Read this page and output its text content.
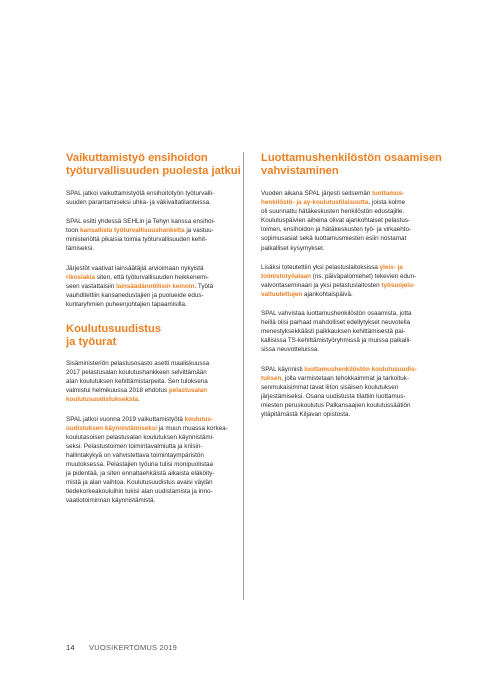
Vaikuttamistyö ensihoidon
työturvallisuuden puolesta jatkui

SPAL jatkoi vaikuttamistyötä ensihoitotyön työturvalli-
suuden parantamiseksi uhka- ja väkivaltatilanteissa.

SPAL esitti yhdessä SEHLin ja Tehyn kanssa ensihoi-
toon kansallista työturvallisuushanketta ja vastuu-
ministeriöltä pikaisia toimia työturvallisuuden kehit-
tämiseksi.

Järjestöt vaativat lainsäätäjiä arvioimaan nykyistä
rikoslakia siten, että työturvallisuuden heikkenemi-
seen vastattaisiin lainsäädännöllisin keinoin. Työtä
vauhditettiin kansanedustajien ja puolueide edus-
kuntaryhmien puheenjohtajien tapaamisilla.

Koulutusuudistus
ja työurat

Sisäministeriön pelastusosasto asetti maaliskuussa
2017 pelastusalan koulutushankkeen selvittämään
alan koulutuksen kehittämistarpeita. Sen tuloksena
valmistui helmikuussa 2018 ehdotus pelastusalan
koulutusuudistukseksta.

SPAL jatkoi vuonna 2019 vaikuttamistyötä koulutus-
uudistuksen käynnistämiseksi ja muun muassa korkea-
koulutasoisen pelastusalan koulutuksen käynnistämi-
seksi. Pelastustoimen toimintavalmiutta ja kriisin-
hallintakykyä on vahvistettava toimintaympäristön
muutoksessa. Pelastajien työuria tulisi monipuolistaa
ja pidentää, ja siten ennaltaehkäistä aikaista eläköity-
mistä ja alan vaihtoa. Koulutusuudistus avaisi väylän
tiedekorkeakouluihin tukisi alan uudistamista ja inno-
vaatiotoiminnan käynnistämistä.

Luottamushenkilöstön osaamisen
vahvistaminen

Vuoden aikana SPAL järjesti seitsemän luottamus-
henkilöstö- ja ay-koulutustilaisuutta, joista kolme
oli suunnattu hätäkeskusten henkilöstön edustajille.
Koulutuspäivien aiheina olivat ajankohtaiset pelastus-
toimen, ensihoidon ja hätäkeskusten työ- ja virkaehto-
sopimusasiat sekä luottamusmiesten esiin nostamat
paikalliset kysymykset.

Lisäksi toteutettiin yksi pelastuslaitoksissa yleis- ja
toimistotyöalaan (ns. päiväpalomiehet) tekevien edun-
valvontaseminaari ja yksi pelastuslaitosten työsuojelu-
valtuutettujen ajankohtaispäivä.

SPAL vahvistaa luottamushenkilöstön osaamista, jotta
heillä olisi parhaat mahdolliset edellytykset neuvotella
menestyksekkäästi paikkauksen kehittämisestä pai-
kallisissa TS-kehittämistyöryhmissä ja muissa paikalli-
sissa neuvotteluissa.

SPAL käynnisti luottamushenkilöstön koulutusuudis-
tuksen, jolla varmistetaan tehokkaimmat ja tarkoituk-
senmukaisimmat tavat liiton sisäisen koulutuksen
järjestämiseksi. Osana uudistusta tilattiin luottamus-
miesten peruskoulutus Palkansaajien koulutussäätiön
ylläpitämästä Kiljavan opistosta.

14 VUOSIKERTOMUS 2019
